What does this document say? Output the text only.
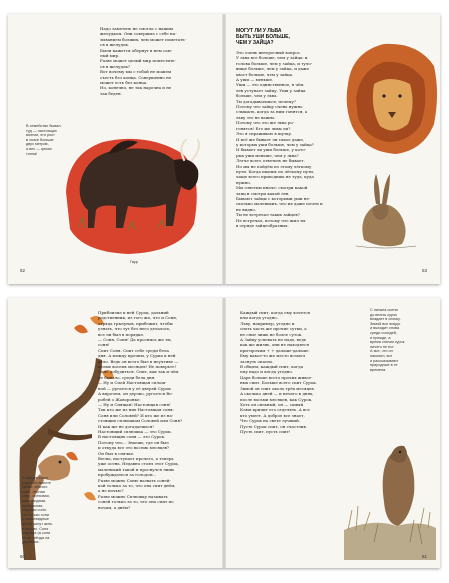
Надо заметить не смогла с нашим
желудком. Они совершил с себе на-
зыванием болших, чем может пометать-
ся в желудок.
Были кажется обернут в нем сам-
лый мир.
Разве может целый мир поместить-
ся в желудок?
Вот почему мы с тобой не можем
съесть без конца. Совершенно не
может есть без конца.
Но, конечно, не так нарочна и не
так беден.

В семейство бывал-
туд — настоящих
волнах, его рост
в холке больше
двух метров,
а вес — целая
тонна!

Гаур
52

МОГУТ ЛИ У ЛЬВА
БЫТЬ УШИ БОЛЬШЕ,
ЧЕМ У ЗАЙЦА?

Это очень интересный вопрос.
У льва все больше, чем у зайца: и
голова больше, чем у зайца, и туло-
вище больше, чем у зайца, и даже
хвост больше, чем у зайца.
А уши — меньше.
Уши — это единственное, в чём
лев уступает зайцу. Уши у зайца
больше, чем у льва.
Ты догадываешься, почему?
Потому что зайцу очень нужно
слышать, когда за ним гонятся, а
льву это не важно.
Потому что это же льва ро-
гонятся! Его же львы ли?
Это я спрашиваю в шутку.
И всё же бывает ли такое даже,
у которых уши больше, чем у зайца?
И бывает ли уши больше, у кото-
рых уши меньше, чем у льва?
Легче всего ответить не бывает.
Но мы не пойдём по этому лёгкому
пути. Когда ищешь по лёгкому пути,
чаще всего приходишь не туда, куда
нужно.
Мы ответим иначе: смотри какой
заяц и смотри какой лев.
Бывают зайцы с которыми уши не-
сколько маленьких, что их даже почти и
не видно.
Ты не встречал таких зайцев?
Не встречал, потому что жил ты
в отряде зайцеобразных.

53

У зайцев таких
родят он вместе
своих: обычно
соня, лесная
соня, ореховая,
мышевидная,
прекрасная,
садовая соня.
Но только сони
и мышевидные
детей могут жить
в норках. Соня
садовая (а сони
стоят гнёзда на
деревьях.

Приблизил к ней Сурок, дальний
родственник, из того же, что и Соня,
отряда грызунов, прибежит, чтобы
узнать, что тут без него делалось,
все ли был в порядке.
— Соня, Соня! Да проснись же ты,
соня!
Спит Соня. Спит себе среди бела
дня. А между прочим, у Сурка к ней
дело. Ведь он всего был в неучтиве —
целых восемь месяцев! Не поверьте!
Соне добудиться. Спит, как так и чём
не бывало, среди бела дня.
— Ну и Спой Настоящая сплош-
ной — ругается у её дверей Сурок.
А впрочем, он дерзко, ругается Во-
робей о Жаворонке:
— Ну и Спящая! Настоящая соня!
Так кто же из них Настоящая соня:
Соня или Соловей? И кто же из на-
стоящих сплюшкам Соловей или Соня?
И как же не догадаешься!
Настоящий сплюшка — это Сурок.
В настоящих соня — это Сурок.
Потому что... Знаешь, где он был
и откуда все это восемь месяцев?
Он был в спячке.
Весна, наступает прочего, а теперь
уже осень. Недавно стоял этот Сурок,
маленький такой и проснулся лишь
пробуждаться за голодом...
Разве можно Соню назвать соней-
кой только за то, что она спит днём,
а не ночью?
Разве можно Сплюшку называть
соней только за то, что она спит по
ночам, а днём?

60

Каждый спит, когда ему хочется
или когда угодно.
Льву, например, угодно и
спать часть же прочие сутки, а
не спит лишь не более суток.
А Зайцу успевать не надо, ведь
как же жизнь, они не находятся
при-прочим + + дальше-дальше.
Ему какое-то же место возмоч
заснуть опасно.
В общем, каждый спит, когда
ему надо и когда угодно.
Царь больше всего прочих живот-
ных спит. Больше всего спит Сурок.
Зимой он спит около трёх месяцев.
А сколько дней — и нечего в днях,
после восьми месяцев, как Сурок.
Хоть он сильный, он — самый
Клюв кричит его отделять. А все
кто умеет. А доброе все знает,
Что Сурок на свете лучший.
Пусть Сурок спит, он счастлив.
Пусть спит, пусть спит!

С начала осени
до весны сурок
впадает в спячку.
Зимой все вокруг
и выходит снова
среди соседей,
и прежде, а
время спячки сурок
ничего не ест.
А все, что он
накопил, вот
и рассказывают
природные в те
времена.

61
